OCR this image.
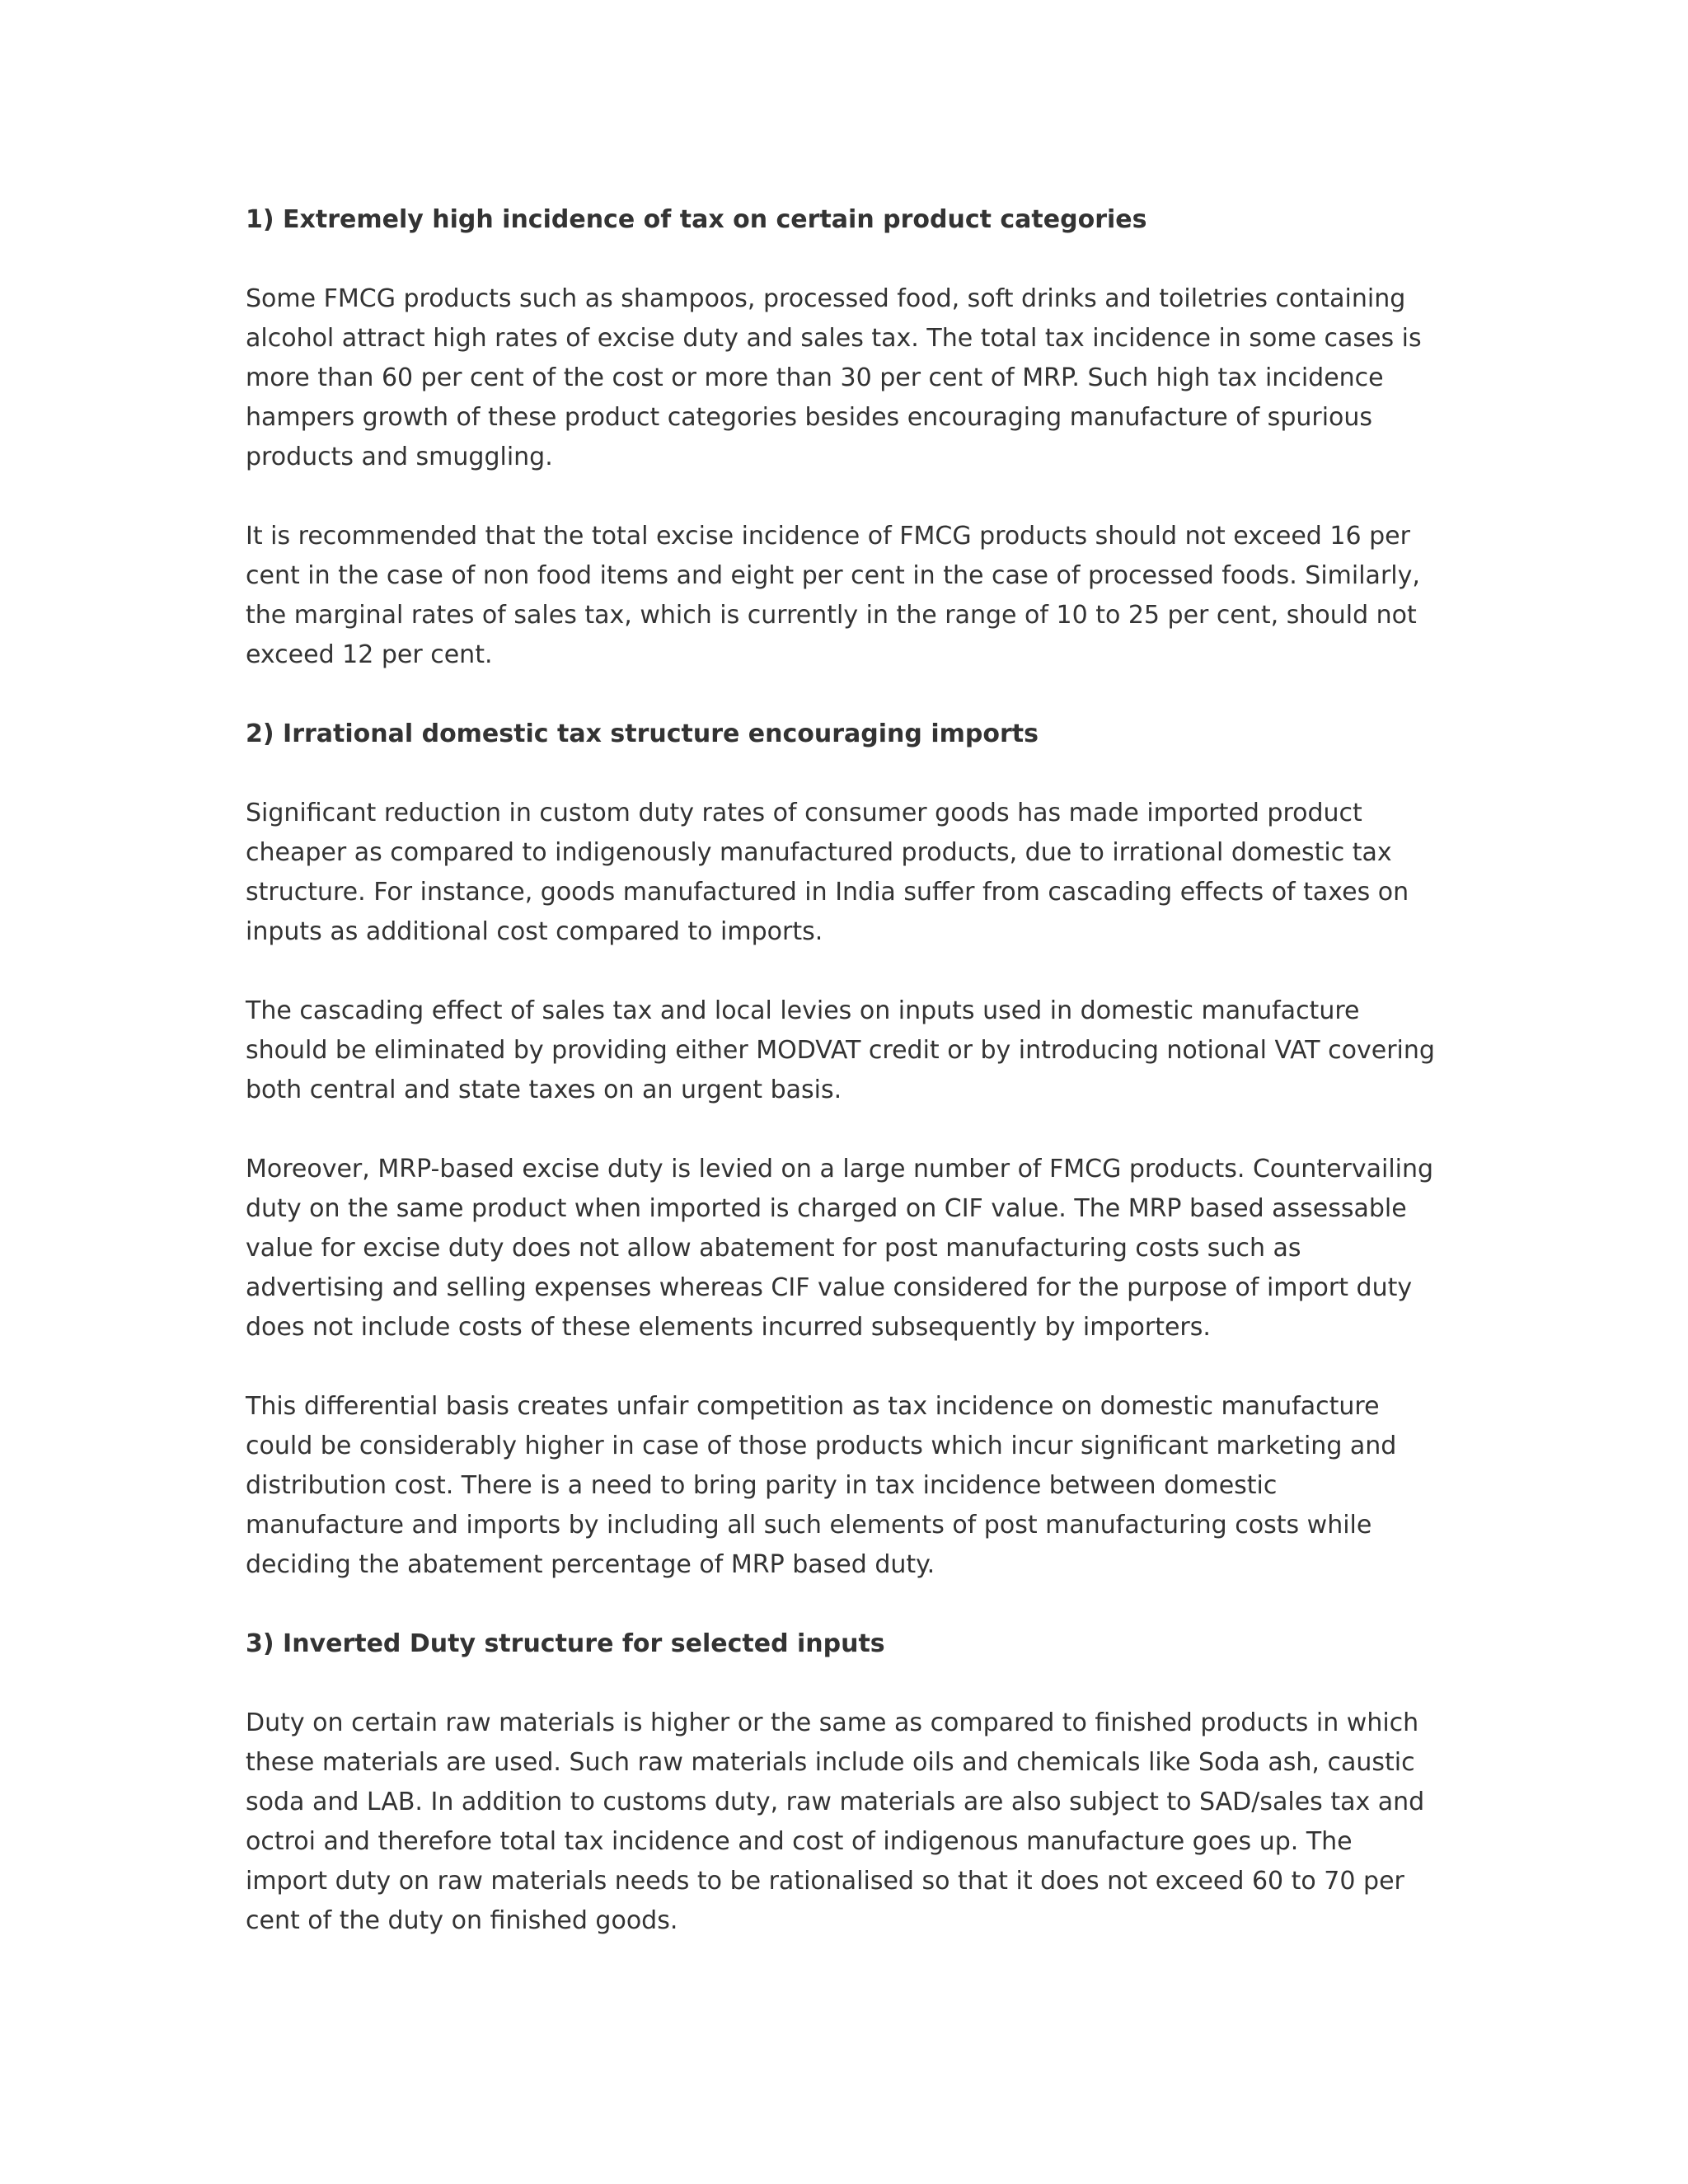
1) Extremely high incidence of tax on certain product categories

Some FMCG products such as shampoos, processed food, soft drinks and toiletries containing alcohol attract high rates of excise duty and sales tax. The total tax incidence in some cases is more than 60 per cent of the cost or more than 30 per cent of MRP. Such high tax incidence hampers growth of these product categories besides encouraging manufacture of spurious products and smuggling.

It is recommended that the total excise incidence of FMCG products should not exceed 16 per cent in the case of non food items and eight per cent in the case of processed foods. Similarly, the marginal rates of sales tax, which is currently in the range of 10 to 25 per cent, should not exceed 12 per cent.

2) Irrational domestic tax structure encouraging imports

Significant reduction in custom duty rates of consumer goods has made imported product cheaper as compared to indigenously manufactured products, due to irrational domestic tax structure. For instance, goods manufactured in India suffer from cascading effects of taxes on inputs as additional cost compared to imports.

The cascading effect of sales tax and local levies on inputs used in domestic manufacture should be eliminated by providing either MODVAT credit or by introducing notional VAT covering both central and state taxes on an urgent basis.

Moreover, MRP-based excise duty is levied on a large number of FMCG products. Countervailing duty on the same product when imported is charged on CIF value. The MRP based assessable value for excise duty does not allow abatement for post manufacturing costs such as advertising and selling expenses whereas CIF value considered for the purpose of import duty does not include costs of these elements incurred subsequently by importers.

This differential basis creates unfair competition as tax incidence on domestic manufacture could be considerably higher in case of those products which incur significant marketing and distribution cost. There is a need to bring parity in tax incidence between domestic manufacture and imports by including all such elements of post manufacturing costs while deciding the abatement percentage of MRP based duty.

3) Inverted Duty structure for selected inputs

Duty on certain raw materials is higher or the same as compared to finished products in which these materials are used. Such raw materials include oils and chemicals like Soda ash, caustic soda and LAB. In addition to customs duty, raw materials are also subject to SAD/sales tax and octroi and therefore total tax incidence and cost of indigenous manufacture goes up. The import duty on raw materials needs to be rationalised so that it does not exceed 60 to 70 per cent of the duty on finished goods.
